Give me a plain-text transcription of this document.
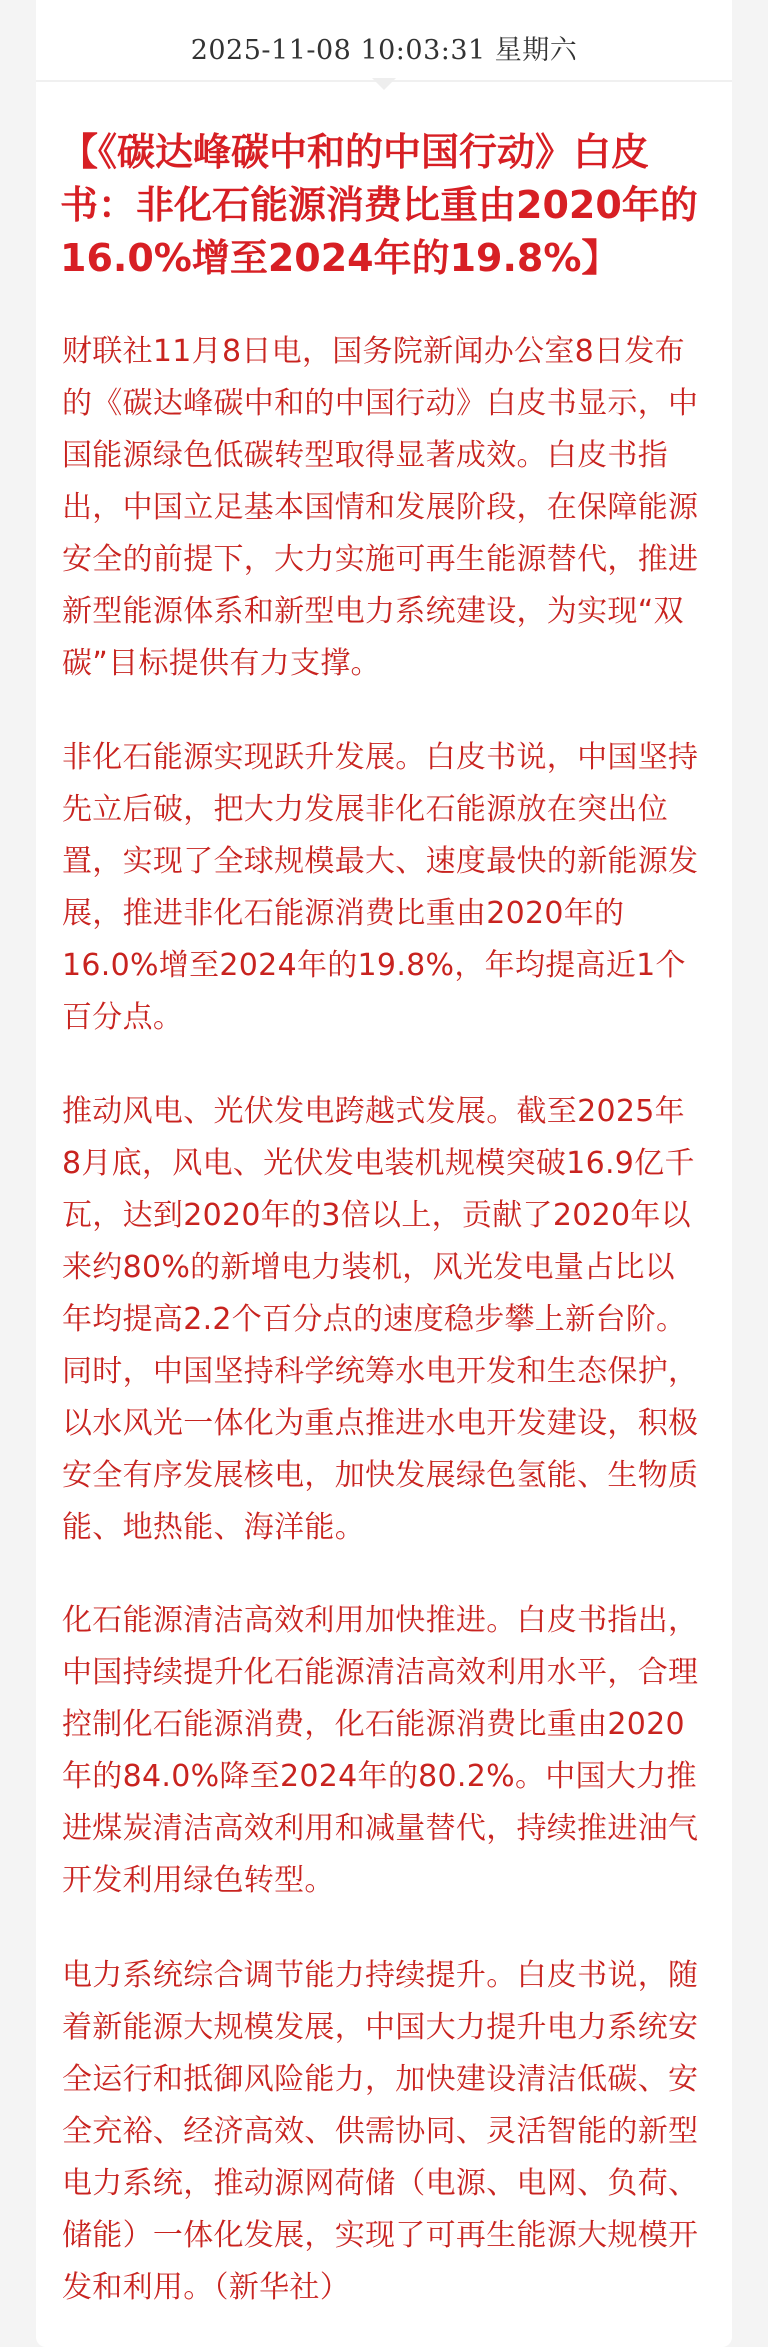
2025-11-08 10:03:31 星期六
【《碳达峰碳中和的中国行动》白皮书：非化石能源消费比重由2020年的16.0%增至2024年的19.8%】

财联社11月8日电，国务院新闻办公室8日发布的《碳达峰碳中和的中国行动》白皮书显示，中国能源绿色低碳转型取得显著成效。白皮书指出，中国立足基本国情和发展阶段，在保障能源安全的前提下，大力实施可再生能源替代，推进新型能源体系和新型电力系统建设，为实现“双碳”目标提供有力支撑。

非化石能源实现跃升发展。白皮书说，中国坚持先立后破，把大力发展非化石能源放在突出位置，实现了全球规模最大、速度最快的新能源发展，推进非化石能源消费比重由2020年的16.0%增至2024年的19.8%，年均提高近1个百分点。

推动风电、光伏发电跨越式发展。截至2025年8月底，风电、光伏发电装机规模突破16.9亿千瓦，达到2020年的3倍以上，贡献了2020年以来约80%的新增电力装机，风光发电量占比以年均提高2.2个百分点的速度稳步攀上新台阶。同时，中国坚持科学统筹水电开发和生态保护，以水风光一体化为重点推进水电开发建设，积极安全有序发展核电，加快发展绿色氢能、生物质能、地热能、海洋能。

化石能源清洁高效利用加快推进。白皮书指出，中国持续提升化石能源清洁高效利用水平，合理控制化石能源消费，化石能源消费比重由2020年的84.0%降至2024年的80.2%。中国大力推进煤炭清洁高效利用和减量替代，持续推进油气开发利用绿色转型。

电力系统综合调节能力持续提升。白皮书说，随着新能源大规模发展，中国大力提升电力系统安全运行和抵御风险能力，加快建设清洁低碳、安全充裕、经济高效、供需协同、灵活智能的新型电力系统，推动源网荷储（电源、电网、负荷、储能）一体化发展，实现了可再生能源大规模开发和利用。（新华社）
